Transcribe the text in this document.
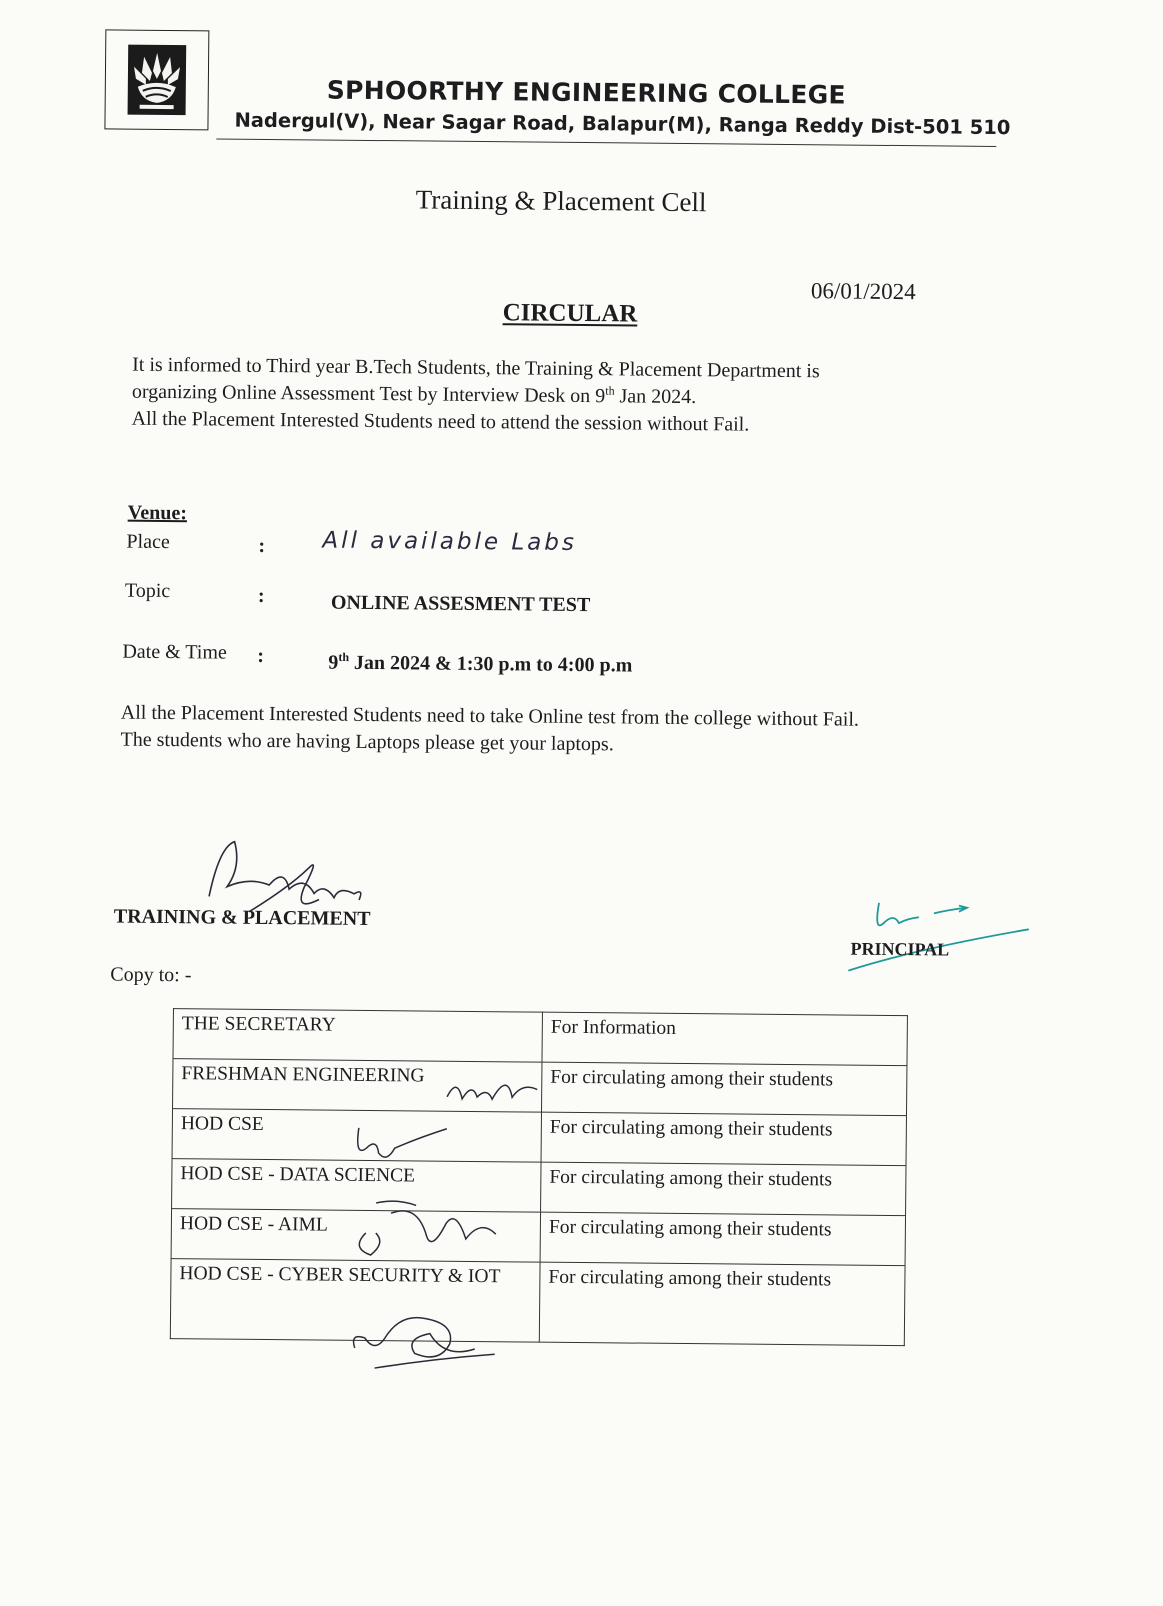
SPHOORTHY ENGINEERING COLLEGE
Nadergul(V), Near Sagar Road, Balapur(M), Ranga Reddy Dist-501 510
Training & Placement Cell
06/01/2024
CIRCULAR

It is informed to Third year B.Tech Students, the Training & Placement Department is

organizing Online Assessment Test by Interview Desk on 9th Jan 2024.

All the Placement Interested Students need to attend the session without Fail.

Venue:
Place	: All available Labs
Topic	:	ONLINE ASSESMENT TEST
Date & Time :	9th Jan 2024 & 1:30 p.m to 4:00 p.m

All the Placement Interested Students need to take Online test from the college without Fail.

The students who are having Laptops please get your laptops.

TRAINING & PLACEMENT
PRINCIPAL
Copy to: -
THE SECRETARY	For Information
FRESHMAN ENGINEERING	For circulating among their students
HOD CSE	For circulating among their students
HOD CSE - DATA SCIENCE	For circulating among their students
HOD CSE - AIML	For circulating among their students
HOD CSE - CYBER SECURITY & IOT	For circulating among their students
